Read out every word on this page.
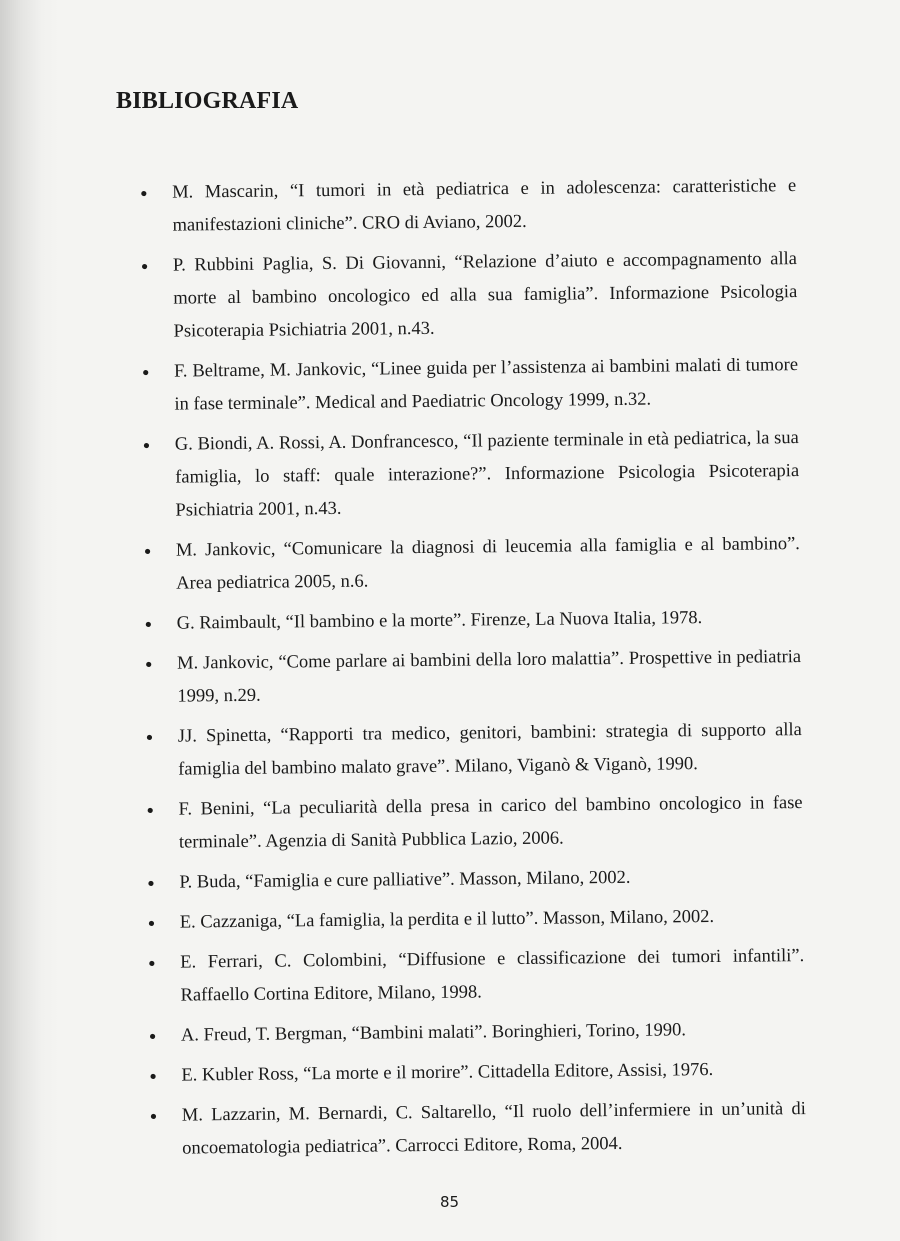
BIBLIOGRAFIA
● M. Mascarin, “I tumori in età pediatrica e in adolescenza: caratteristiche e manifestazioni cliniche”. CRO di Aviano, 2002.
● P. Rubbini Paglia, S. Di Giovanni, “Relazione d’aiuto e accompagnamento alla morte al bambino oncologico ed alla sua famiglia”. Informazione Psicologia Psicoterapia Psichiatria 2001, n.43.
● F. Beltrame, M. Jankovic, “Linee guida per l’assistenza ai bambini malati di tumore in fase terminale”. Medical and Paediatric Oncology 1999, n.32.
● G. Biondi, A. Rossi, A. Donfrancesco, “Il paziente terminale in età pediatrica, la sua famiglia, lo staff: quale interazione?”. Informazione Psicologia Psicoterapia Psichiatria 2001, n.43.
● M. Jankovic, “Comunicare la diagnosi di leucemia alla famiglia e al bambino”. Area pediatrica 2005, n.6.
● G. Raimbault, “Il bambino e la morte”. Firenze, La Nuova Italia, 1978.
● M. Jankovic, “Come parlare ai bambini della loro malattia”. Prospettive in pediatria 1999, n.29.
● JJ. Spinetta, “Rapporti tra medico, genitori, bambini: strategia di supporto alla famiglia del bambino malato grave”. Milano, Viganò & Viganò, 1990.
● F. Benini, “La peculiarità della presa in carico del bambino oncologico in fase terminale”. Agenzia di Sanità Pubblica Lazio, 2006.
● P. Buda, “Famiglia e cure palliative”. Masson, Milano, 2002.
● E. Cazzaniga, “La famiglia, la perdita e il lutto”. Masson, Milano, 2002.
● E. Ferrari, C. Colombini, “Diffusione e classificazione dei tumori infantili”. Raffaello Cortina Editore, Milano, 1998.
● A. Freud, T. Bergman, “Bambini malati”. Boringhieri, Torino, 1990.
● E. Kubler Ross, “La morte e il morire”. Cittadella Editore, Assisi, 1976.
● M. Lazzarin, M. Bernardi, C. Saltarello, “Il ruolo dell’infermiere in un’unità di oncoematologia pediatrica”. Carrocci Editore, Roma, 2004.
85
